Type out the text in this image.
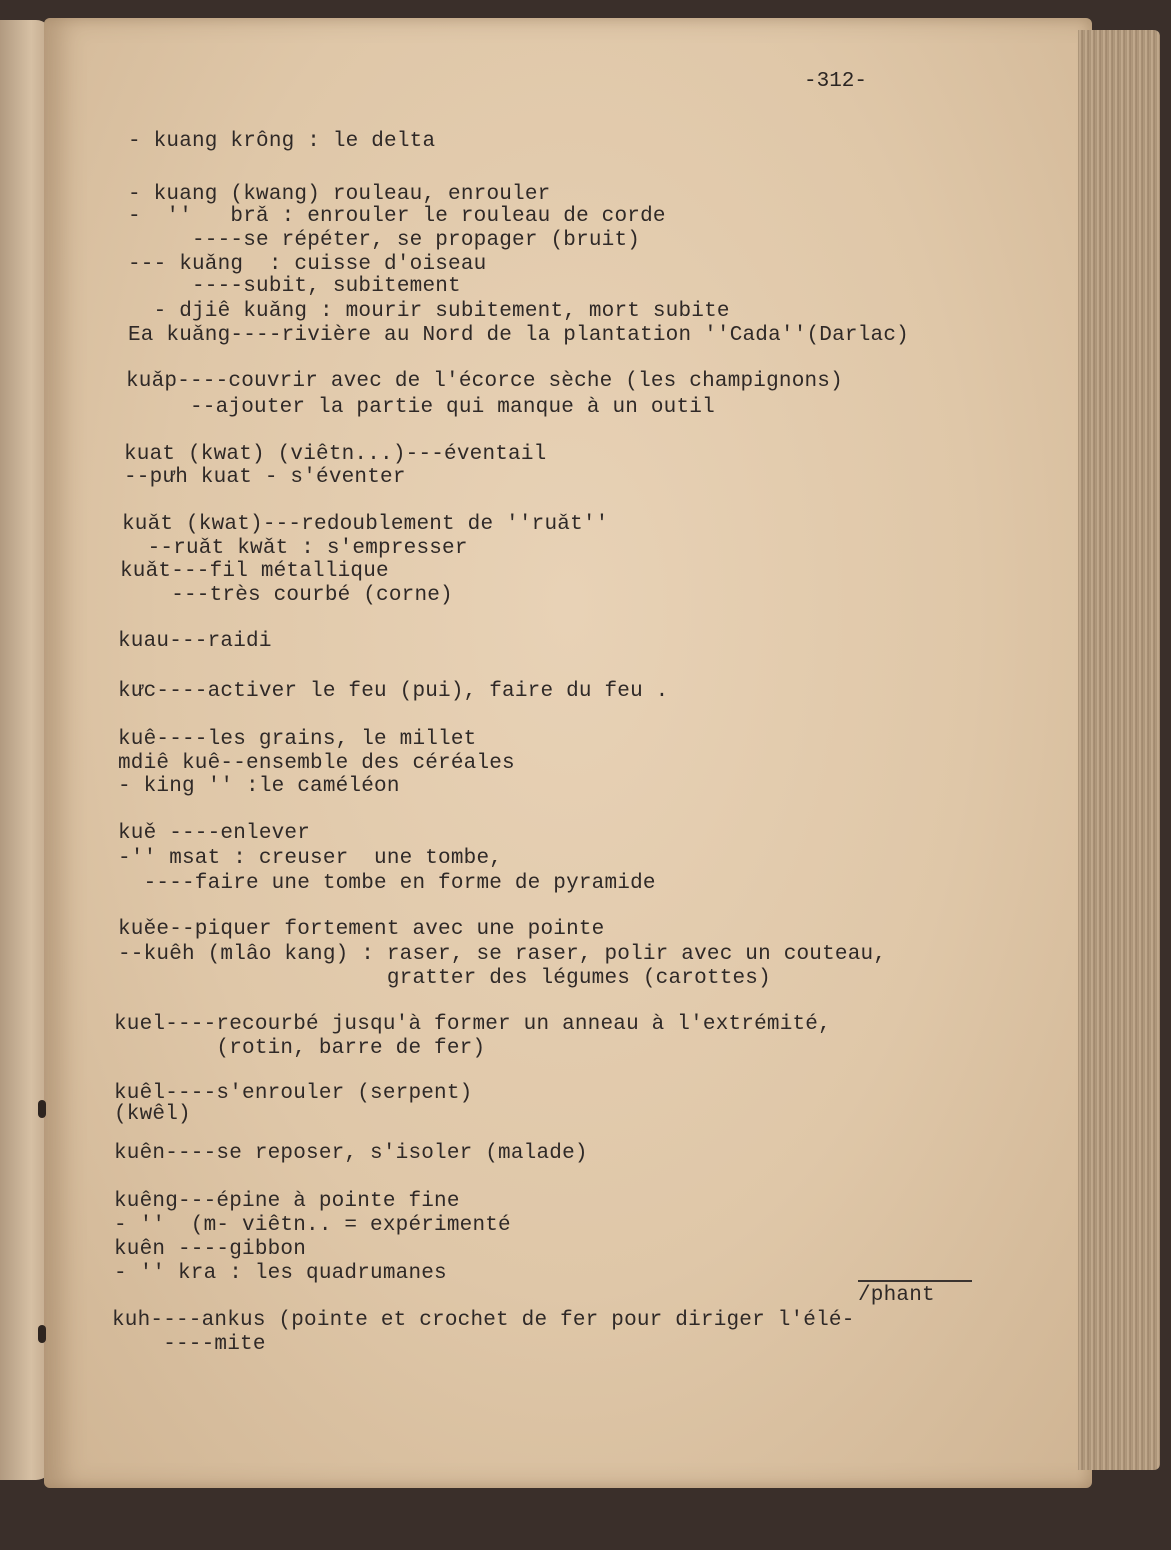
-312-
- kuang krông : le delta
- kuang (kwang) rouleau, enrouler
-  ''   brǎ : enrouler le rouleau de corde
----se répéter, se propager (bruit)
--- kuǎng  : cuisse d'oiseau
----subit, subitement
- djiê kuǎng : mourir subitement, mort subite
Ea kuǎng----rivière au Nord de la plantation ''Cada''(Darlac)
kuǎp----couvrir avec de l'écorce sèche (les champignons)
--ajouter la partie qui manque à un outil
kuat (kwat) (viêtn...)---éventail
--pưh kuat - s'éventer
kuǎt (kwat)---redoublement de ''ruǎt''
--ruǎt kwǎt : s'empresser
kuǎt---fil métallique
---très courbé (corne)
kuau---raidi
kưc----activer le feu (pui), faire du feu .
kuê----les grains, le millet
mdiê kuê--ensemble des céréales
- king '' :le caméléon
kuě ----enlever
-'' msat : creuser  une tombe,
----faire une tombe en forme de pyramide
kuěe--piquer fortement avec une pointe
--kuêh (mlâo kang) : raser, se raser, polir avec un couteau,
gratter des légumes (carottes)
kuel----recourbé jusqu'à former un anneau à l'extrémité,
(rotin, barre de fer)
kuêl----s'enrouler (serpent)
(kwêl)
kuên----se reposer, s'isoler (malade)
kuêng---épine à pointe fine
- ''  (m- viêtn.. = expérimenté
kuên ----gibbon
- '' kra : les quadrumanes
/phant
kuh----ankus (pointe et crochet de fer pour diriger l'élé-
----mite
